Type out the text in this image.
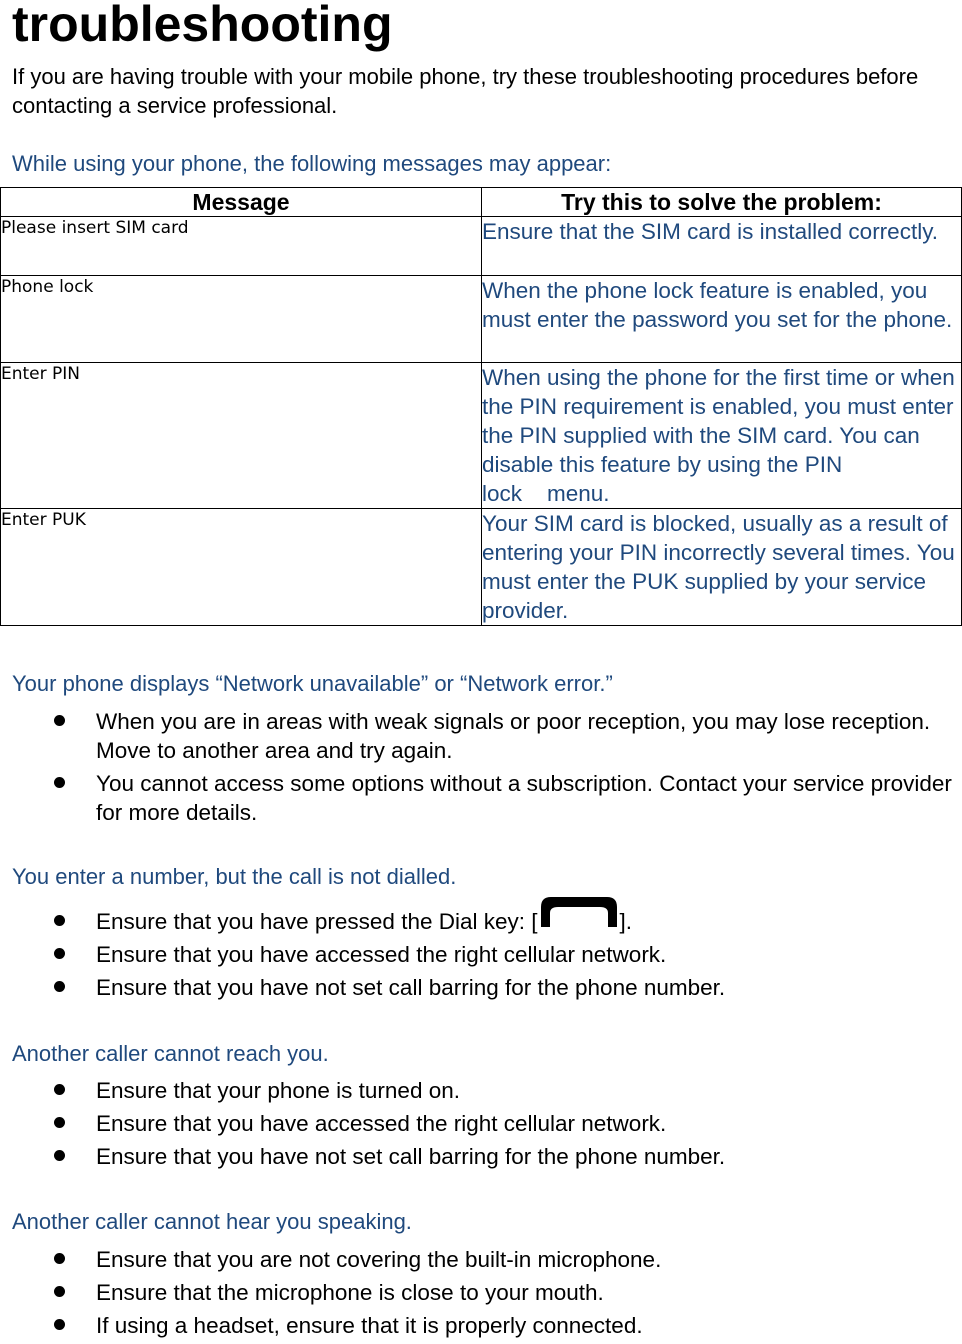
troubleshooting

If you are having trouble with your mobile phone, try these troubleshooting procedures before contacting a service professional.

While using your phone, the following messages may appear:

Message	Try this to solve the problem:
Please insert SIM card	Ensure that the SIM card is installed correctly.
Phone lock	When the phone lock feature is enabled, you must enter the password you set for the phone.
Enter PIN	When using the phone for the first time or when the PIN requirement is enabled, you must enter the PIN supplied with the SIM card. You can disable this feature by using the PIN lock    menu.
Enter PUK	Your SIM card is blocked, usually as a result of entering your PIN incorrectly several times. You must enter the PUK supplied by your service provider.

Your phone displays “Network unavailable” or “Network error.”

When you are in areas with weak signals or poor reception, you may lose reception. Move to another area and try again.
You cannot access some options without a subscription. Contact your service provider for more details.

You enter a number, but the call is not dialled.

Ensure that you have pressed the Dial key: [	].
Ensure that you have accessed the right cellular network.
Ensure that you have not set call barring for the phone number.

Another caller cannot reach you.

Ensure that your phone is turned on.
Ensure that you have accessed the right cellular network.
Ensure that you have not set call barring for the phone number.

Another caller cannot hear you speaking.

Ensure that you are not covering the built-in microphone.
Ensure that the microphone is close to your mouth.
If using a headset, ensure that it is properly connected.
